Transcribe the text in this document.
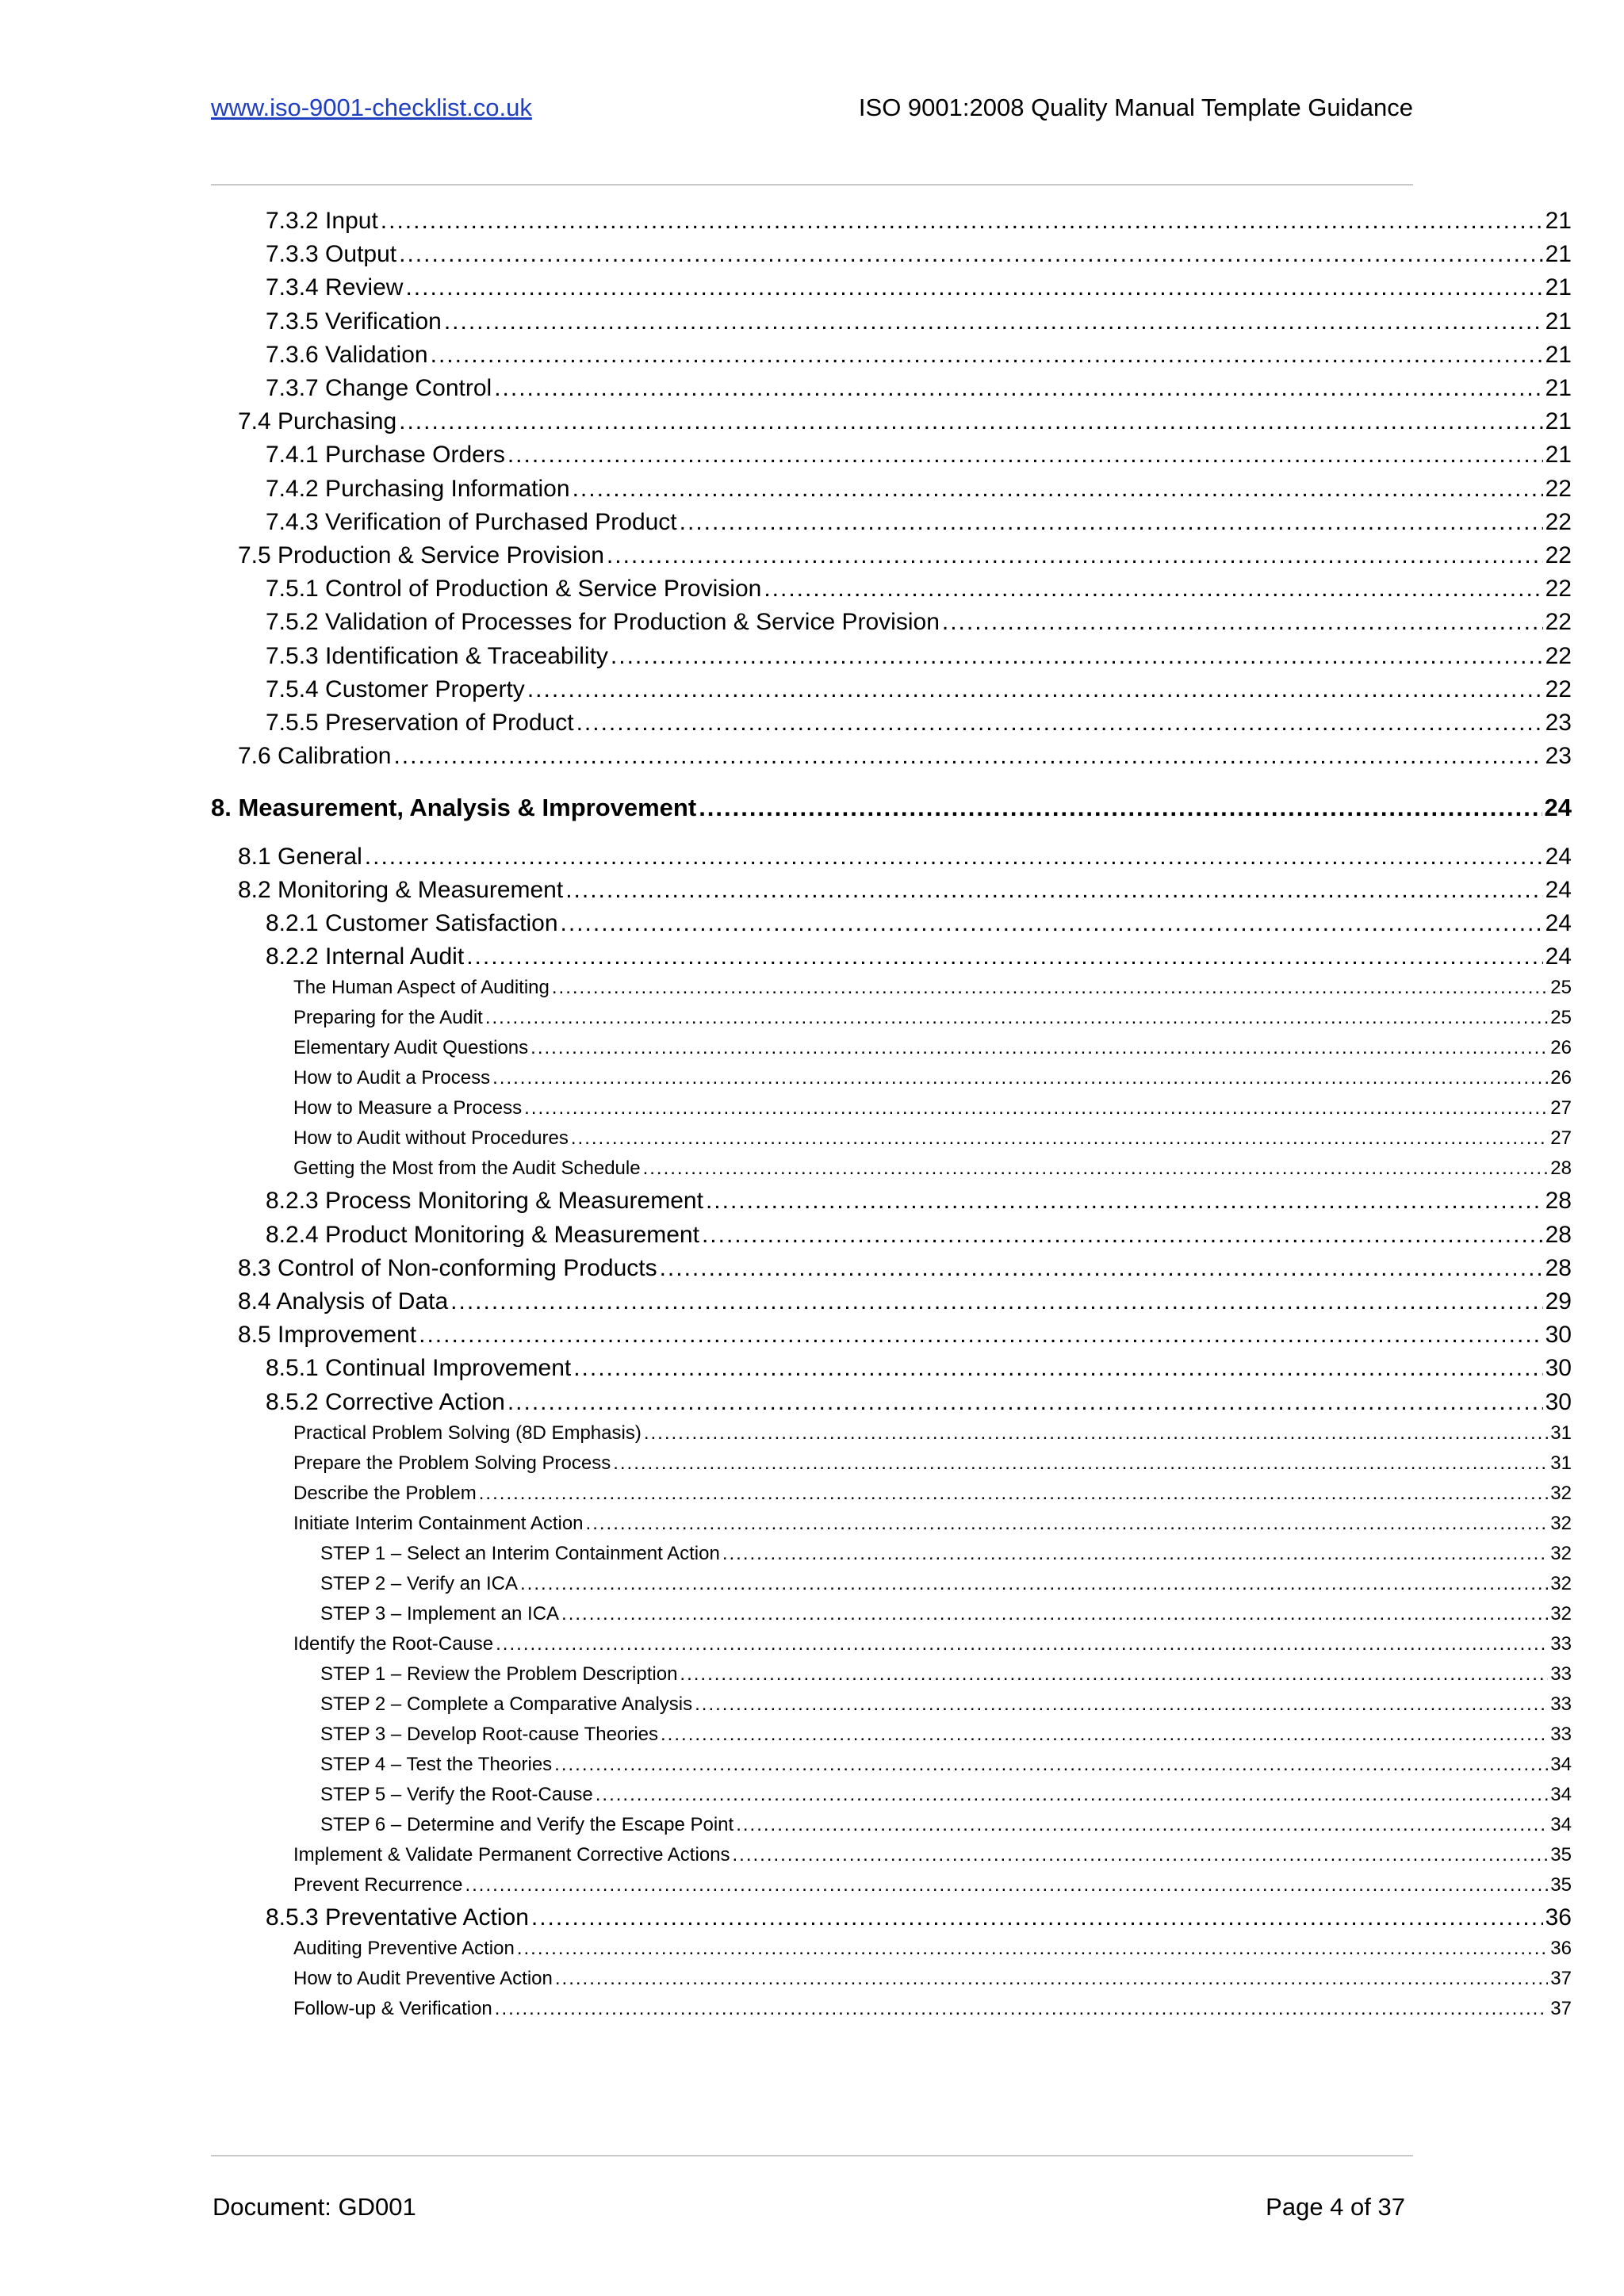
www.iso-9001-checklist.co.uk	ISO 9001:2008 Quality Manual Template Guidance
7.3.2 Input .....	21
7.3.3 Output .....	21
7.3.4 Review .....	21
7.3.5 Verification .....	21
7.3.6 Validation .....	21
7.3.7 Change Control .....	21
7.4 Purchasing .....	21
7.4.1 Purchase Orders .....	21
7.4.2 Purchasing Information .....	22
7.4.3 Verification of Purchased Product .....	22
7.5 Production & Service Provision .....	22
7.5.1 Control of Production & Service Provision .....	22
7.5.2 Validation of Processes for Production & Service Provision .....	22
7.5.3 Identification & Traceability .....	22
7.5.4 Customer Property .....	22
7.5.5 Preservation of Product .....	23
7.6 Calibration .....	23
8. Measurement, Analysis & Improvement .....	24
8.1 General .....	24
8.2 Monitoring & Measurement .....	24
8.2.1 Customer Satisfaction .....	24
8.2.2 Internal Audit .....	24
The Human Aspect of Auditing .....	25
Preparing for the Audit .....	25
Elementary Audit Questions .....	26
How to Audit a Process .....	26
How to Measure a Process .....	27
How to Audit without Procedures .....	27
Getting the Most from the Audit Schedule .....	28
8.2.3 Process Monitoring & Measurement .....	28
8.2.4 Product Monitoring & Measurement .....	28
8.3 Control of Non-conforming Products .....	28
8.4 Analysis of Data .....	29
8.5 Improvement .....	30
8.5.1 Continual Improvement .....	30
8.5.2 Corrective Action .....	30
Practical Problem Solving (8D Emphasis) .....	31
Prepare the Problem Solving Process .....	31
Describe the Problem .....	32
Initiate Interim Containment Action .....	32
STEP 1 – Select an Interim Containment Action .....	32
STEP 2 – Verify an ICA .....	32
STEP 3 – Implement an ICA .....	32
Identify the Root-Cause .....	33
STEP 1 – Review the Problem Description .....	33
STEP 2 – Complete a Comparative Analysis .....	33
STEP 3 – Develop Root-cause Theories .....	33
STEP 4 – Test the Theories .....	34
STEP 5 – Verify the Root-Cause .....	34
STEP 6 – Determine and Verify the Escape Point .....	34
Implement & Validate Permanent Corrective Actions .....	35
Prevent Recurrence .....	35
8.5.3 Preventative Action .....	36
Auditing Preventive Action .....	36
How to Audit Preventive Action .....	37
Follow-up & Verification .....	37
Document: GD001	Page 4 of 37
